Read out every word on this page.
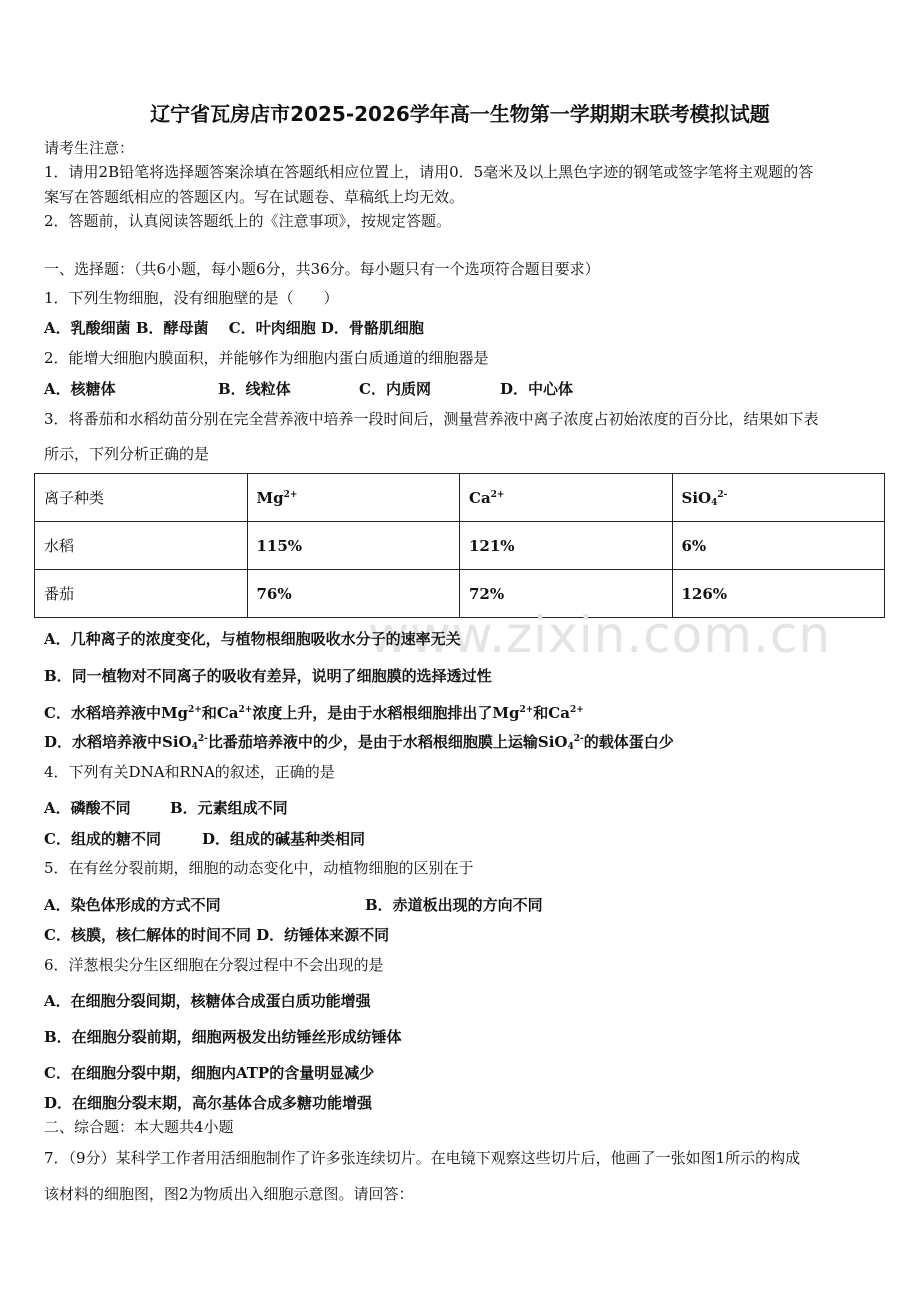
辽宁省瓦房店市2025-2026学年高一生物第一学期期末联考模拟试题
请考生注意：
1．请用2B铅笔将选择题答案涂填在答题纸相应位置上，请用0．5毫米及以上黑色字迹的钢笔或签字笔将主观题的答
案写在答题纸相应的答题区内。写在试题卷、草稿纸上均无效。
2．答题前，认真阅读答题纸上的《注意事项》，按规定答题。
一、选择题：（共6小题，每小题6分，共36分。每小题只有一个选项符合题目要求）
1．下列生物细胞，没有细胞壁的是（　　）
A．乳酸细菌 B．酵母菌　 C．叶肉细胞 D．骨骼肌细胞
2．能增大细胞内膜面积，并能够作为细胞内蛋白质通道的细胞器是
A．核糖体	B．线粒体	C．内质网	D．中心体
3．将番茄和水稻幼苗分别在完全营养液中培养一段时间后，测量营养液中离子浓度占初始浓度的百分比，结果如下表
所示，下列分析正确的是
离子种类	$Mg^{2+}$	$Ca^{2+}$	SiO$_4^{2-}$
水稻	115%	121%	6%
番茄	76%	72%	126%
www.zixin.com.cn
A．几种离子的浓度变化，与植物根细胞吸收水分子的速率无关
B．同一植物对不同离子的吸收有差异，说明了细胞膜的选择透过性
C．水稻培养液中$Mg^{2+}$和$Ca^{2+}$浓度上升，是由于水稻根细胞排出了$Mg^{2+}$和$Ca^{2+}$
D．水稻培养液中SiO$_4^{2-}$比番茄培养液中的少，是由于水稻根细胞膜上运输SiO$_4^{2-}$的载体蛋白少
4．下列有关DNA和RNA的叙述，正确的是
A．磷酸不同	B．元素组成不同
C．组成的糖不同	D．组成的碱基种类相同
5．在有丝分裂前期，细胞的动态变化中，动植物细胞的区别在于
A．染色体形成的方式不同	B．赤道板出现的方向不同
C．核膜，核仁解体的时间不同 D．纺锤体来源不同
6．洋葱根尖分生区细胞在分裂过程中不会出现的是
A．在细胞分裂间期，核糖体合成蛋白质功能增强
B．在细胞分裂前期，细胞两极发出纺锤丝形成纺锤体
C．在细胞分裂中期，细胞内ATP的含量明显减少
D．在细胞分裂末期，高尔基体合成多糖功能增强
二、综合题：本大题共4小题
7．（9分）某科学工作者用活细胞制作了许多张连续切片。在电镜下观察这些切片后，他画了一张如图1所示的构成
该材料的细胞图，图2为物质出入细胞示意图。请回答：
